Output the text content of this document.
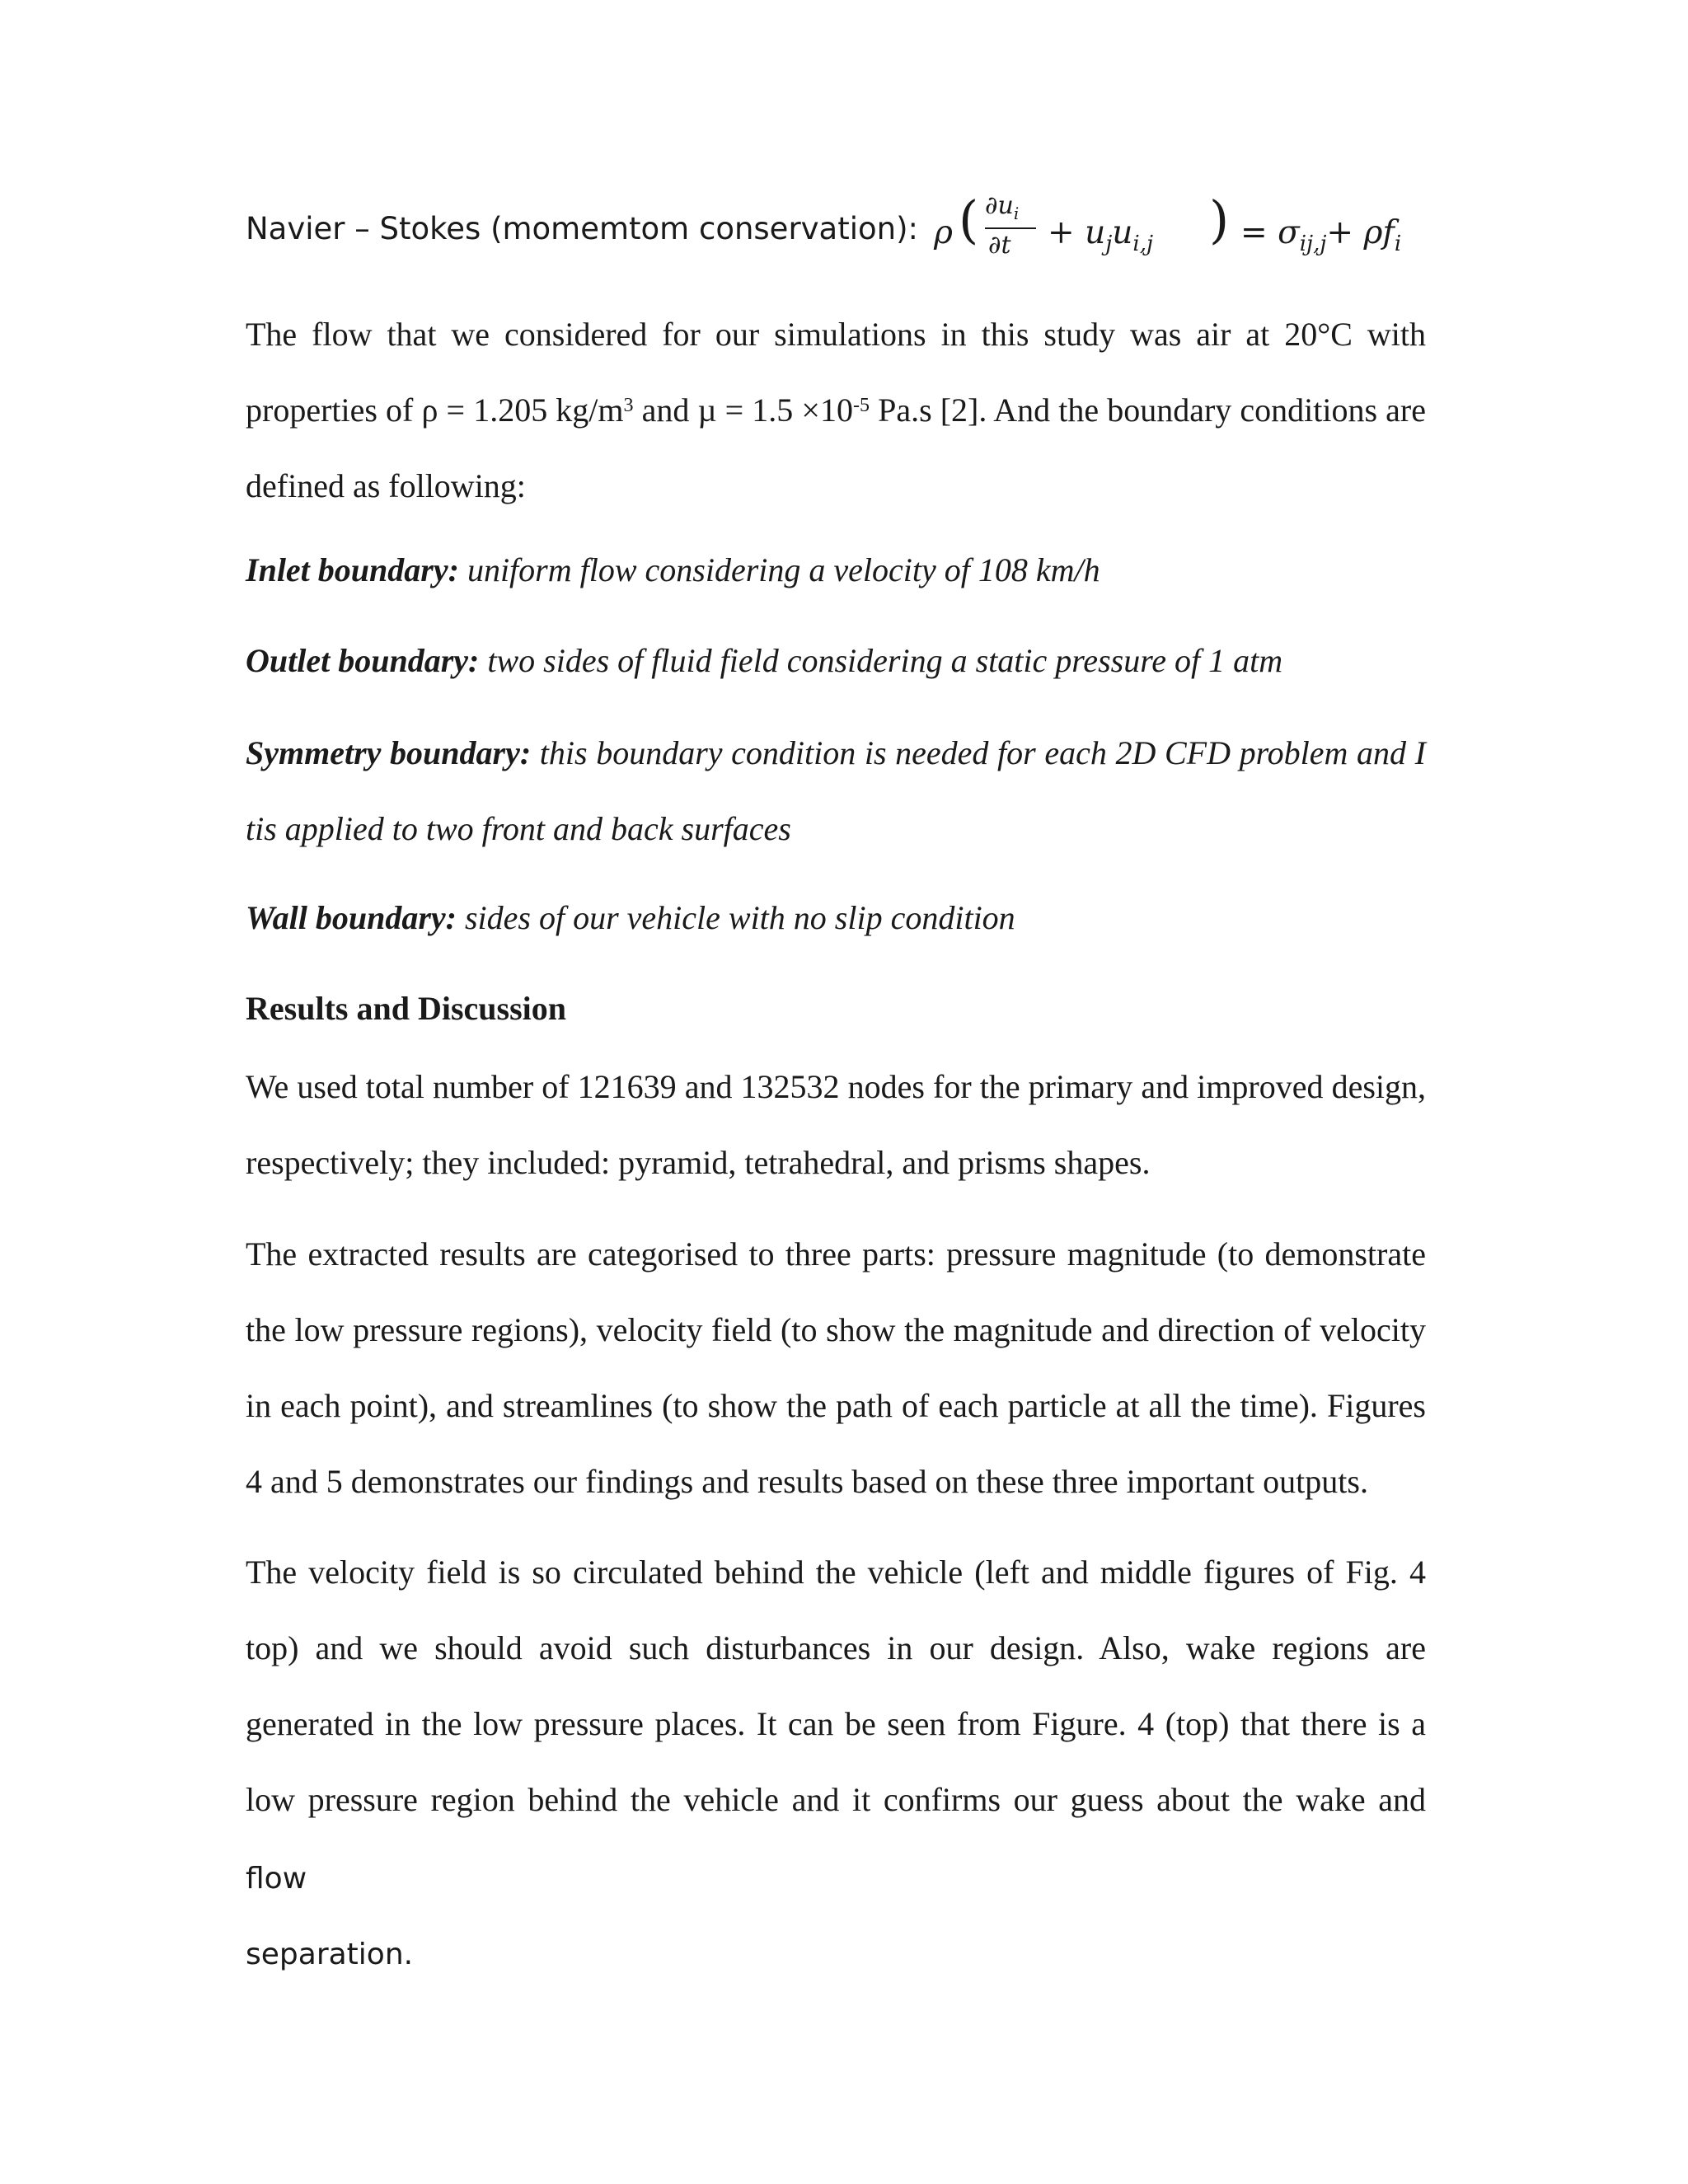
Navier – Stokes (momemtom conservation): ρ ( $\partial u_i$
$\partial t + u_ju_{i,j}$ ) = $\sigma_{ij,j}+ \rho f_i$

The flow that we considered for our simulations in this study was air at 20°C with

properties of ρ = 1.205 $kg/m^3$ and $\mu = 1.5 \times 10^{-5}$ Pa.s [2]. And the boundary conditions are

defined as following:

Inlet boundary: uniform flow considering a velocity of 108 km/h
Outlet boundary: two sides of fluid field considering a static pressure of 1 atm

Symmetry boundary: this boundary condition is needed for each 2D CFD problem and I

tis applied to two front and back surfaces

Wall boundary: sides of our vehicle with no slip condition
Results and Discussion

We used total number of 121639 and 132532 nodes for the primary and improved design,

respectively; they included: pyramid, tetrahedral, and prisms shapes.

The extracted results are categorised to three parts: pressure magnitude (to demonstrate

the low pressure regions), velocity field (to show the magnitude and direction of velocity

in each point), and streamlines (to show the path of each particle at all the time). Figures

4 and 5 demonstrates our findings and results based on these three important outputs.

The velocity field is so circulated behind the vehicle (left and middle figures of Fig. 4

top) and we should avoid such disturbances in our design. Also, wake regions are

generated in the low pressure places. It can be seen from Figure. 4 (top) that there is a

low pressure region behind the vehicle and it confirms our guess about the wake and flow

separation.
